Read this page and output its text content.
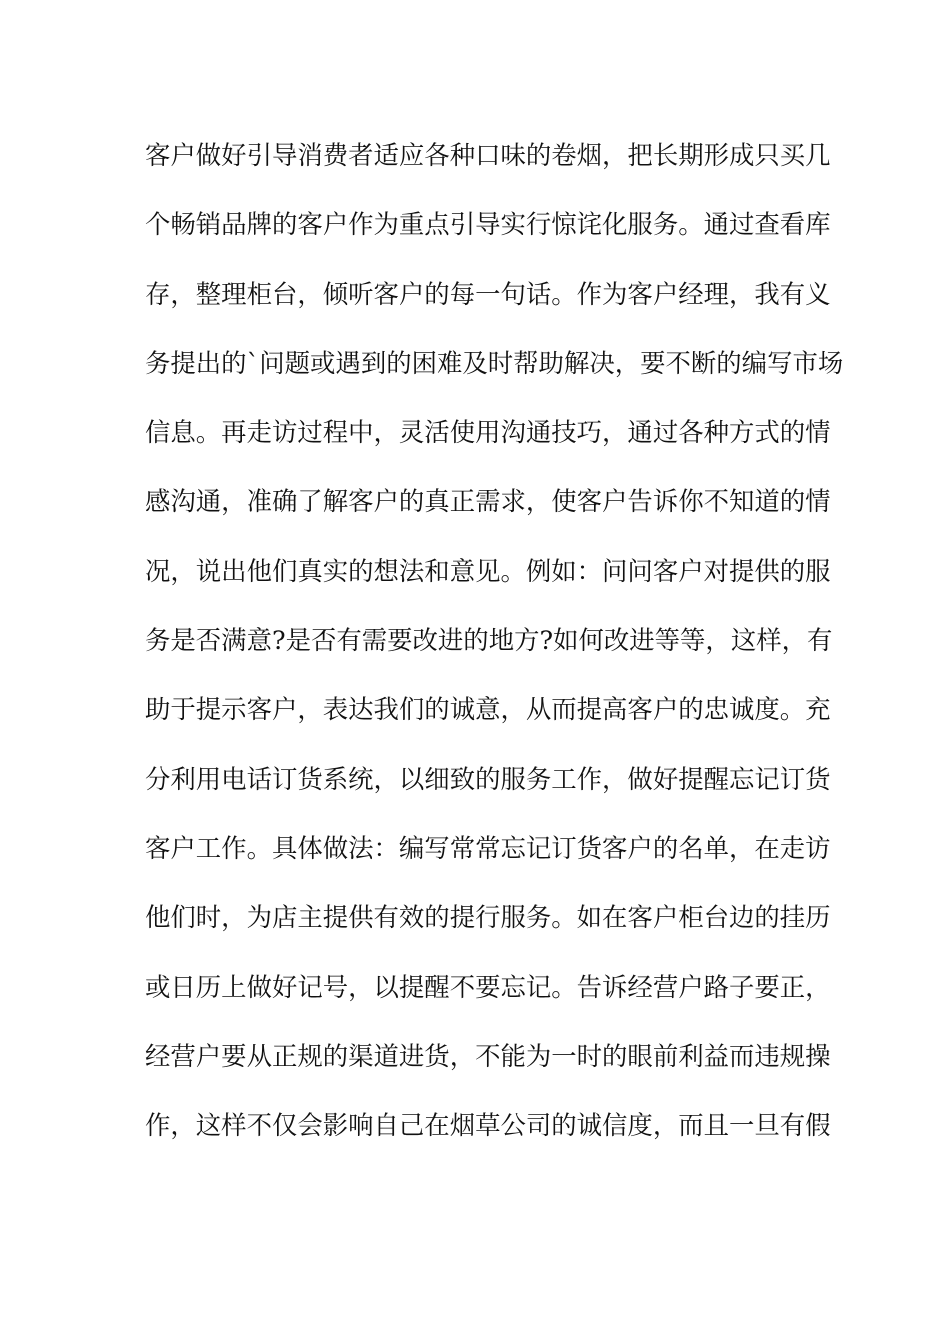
客户做好引导消费者适应各种口味的卷烟，把长期形成只买几
个畅销品牌的客户作为重点引导实行惊诧化服务。通过查看库
存，整理柜台，倾听客户的每一句话。作为客户经理，我有义
务提出的`问题或遇到的困难及时帮助解决，要不断的编写市场
信息。再走访过程中，灵活使用沟通技巧，通过各种方式的情
感沟通，准确了解客户的真正需求，使客户告诉你不知道的情
况，说出他们真实的想法和意见。例如：问问客户对提供的服
务是否满意?是否有需要改进的地方?如何改进等等，这样，有
助于提示客户，表达我们的诚意，从而提高客户的忠诚度。充
分利用电话订货系统，以细致的服务工作，做好提醒忘记订货
客户工作。具体做法：编写常常忘记订货客户的名单，在走访
他们时，为店主提供有效的提行服务。如在客户柜台边的挂历
或日历上做好记号，以提醒不要忘记。告诉经营户路子要正，
经营户要从正规的渠道进货，不能为一时的眼前利益而违规操
作，这样不仅会影响自己在烟草公司的诚信度，而且一旦有假
